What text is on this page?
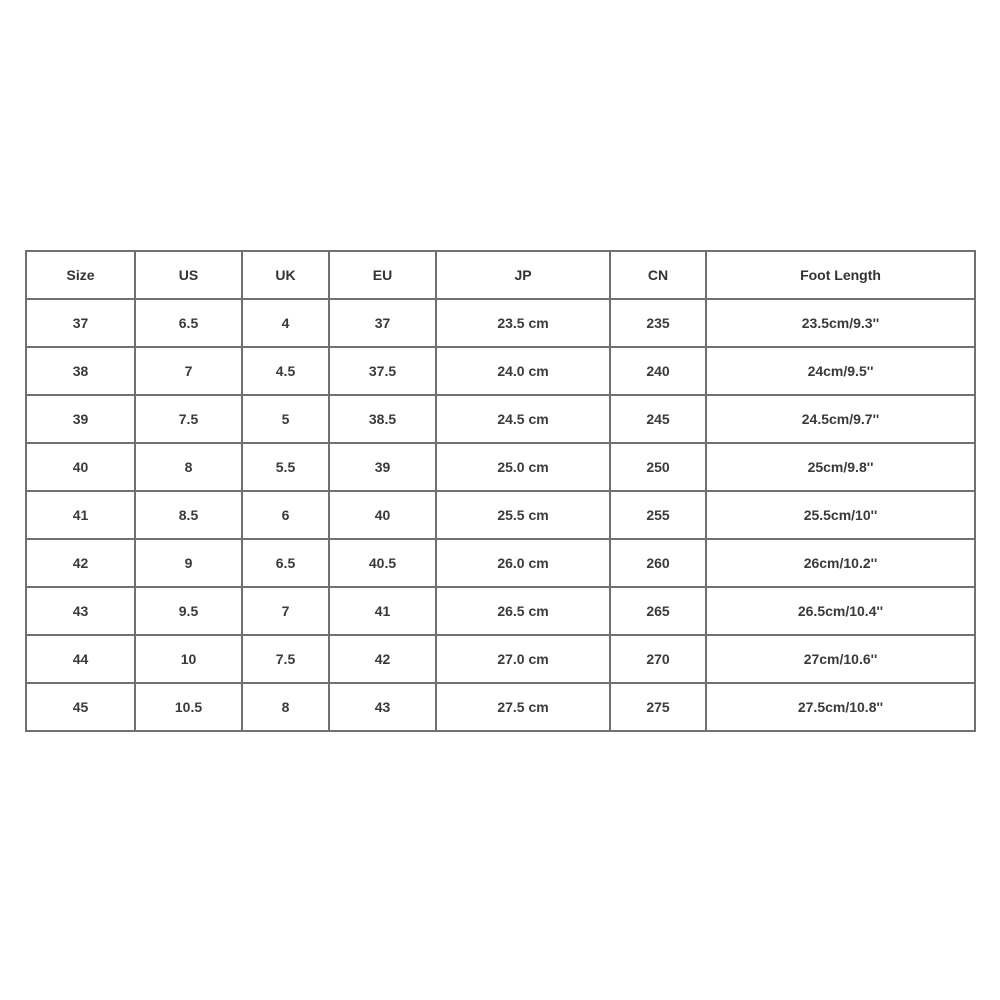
Size	US	UK	EU	JP	CN	Foot Length
37	6.5	4	37	23.5 cm	235	23.5cm/9.3''
38	7	4.5	37.5	24.0 cm	240	24cm/9.5''
39	7.5	5	38.5	24.5 cm	245	24.5cm/9.7''
40	8	5.5	39	25.0 cm	250	25cm/9.8''
41	8.5	6	40	25.5 cm	255	25.5cm/10''
42	9	6.5	40.5	26.0 cm	260	26cm/10.2''
43	9.5	7	41	26.5 cm	265	26.5cm/10.4''
44	10	7.5	42	27.0 cm	270	27cm/10.6''
45	10.5	8	43	27.5 cm	275	27.5cm/10.8''
